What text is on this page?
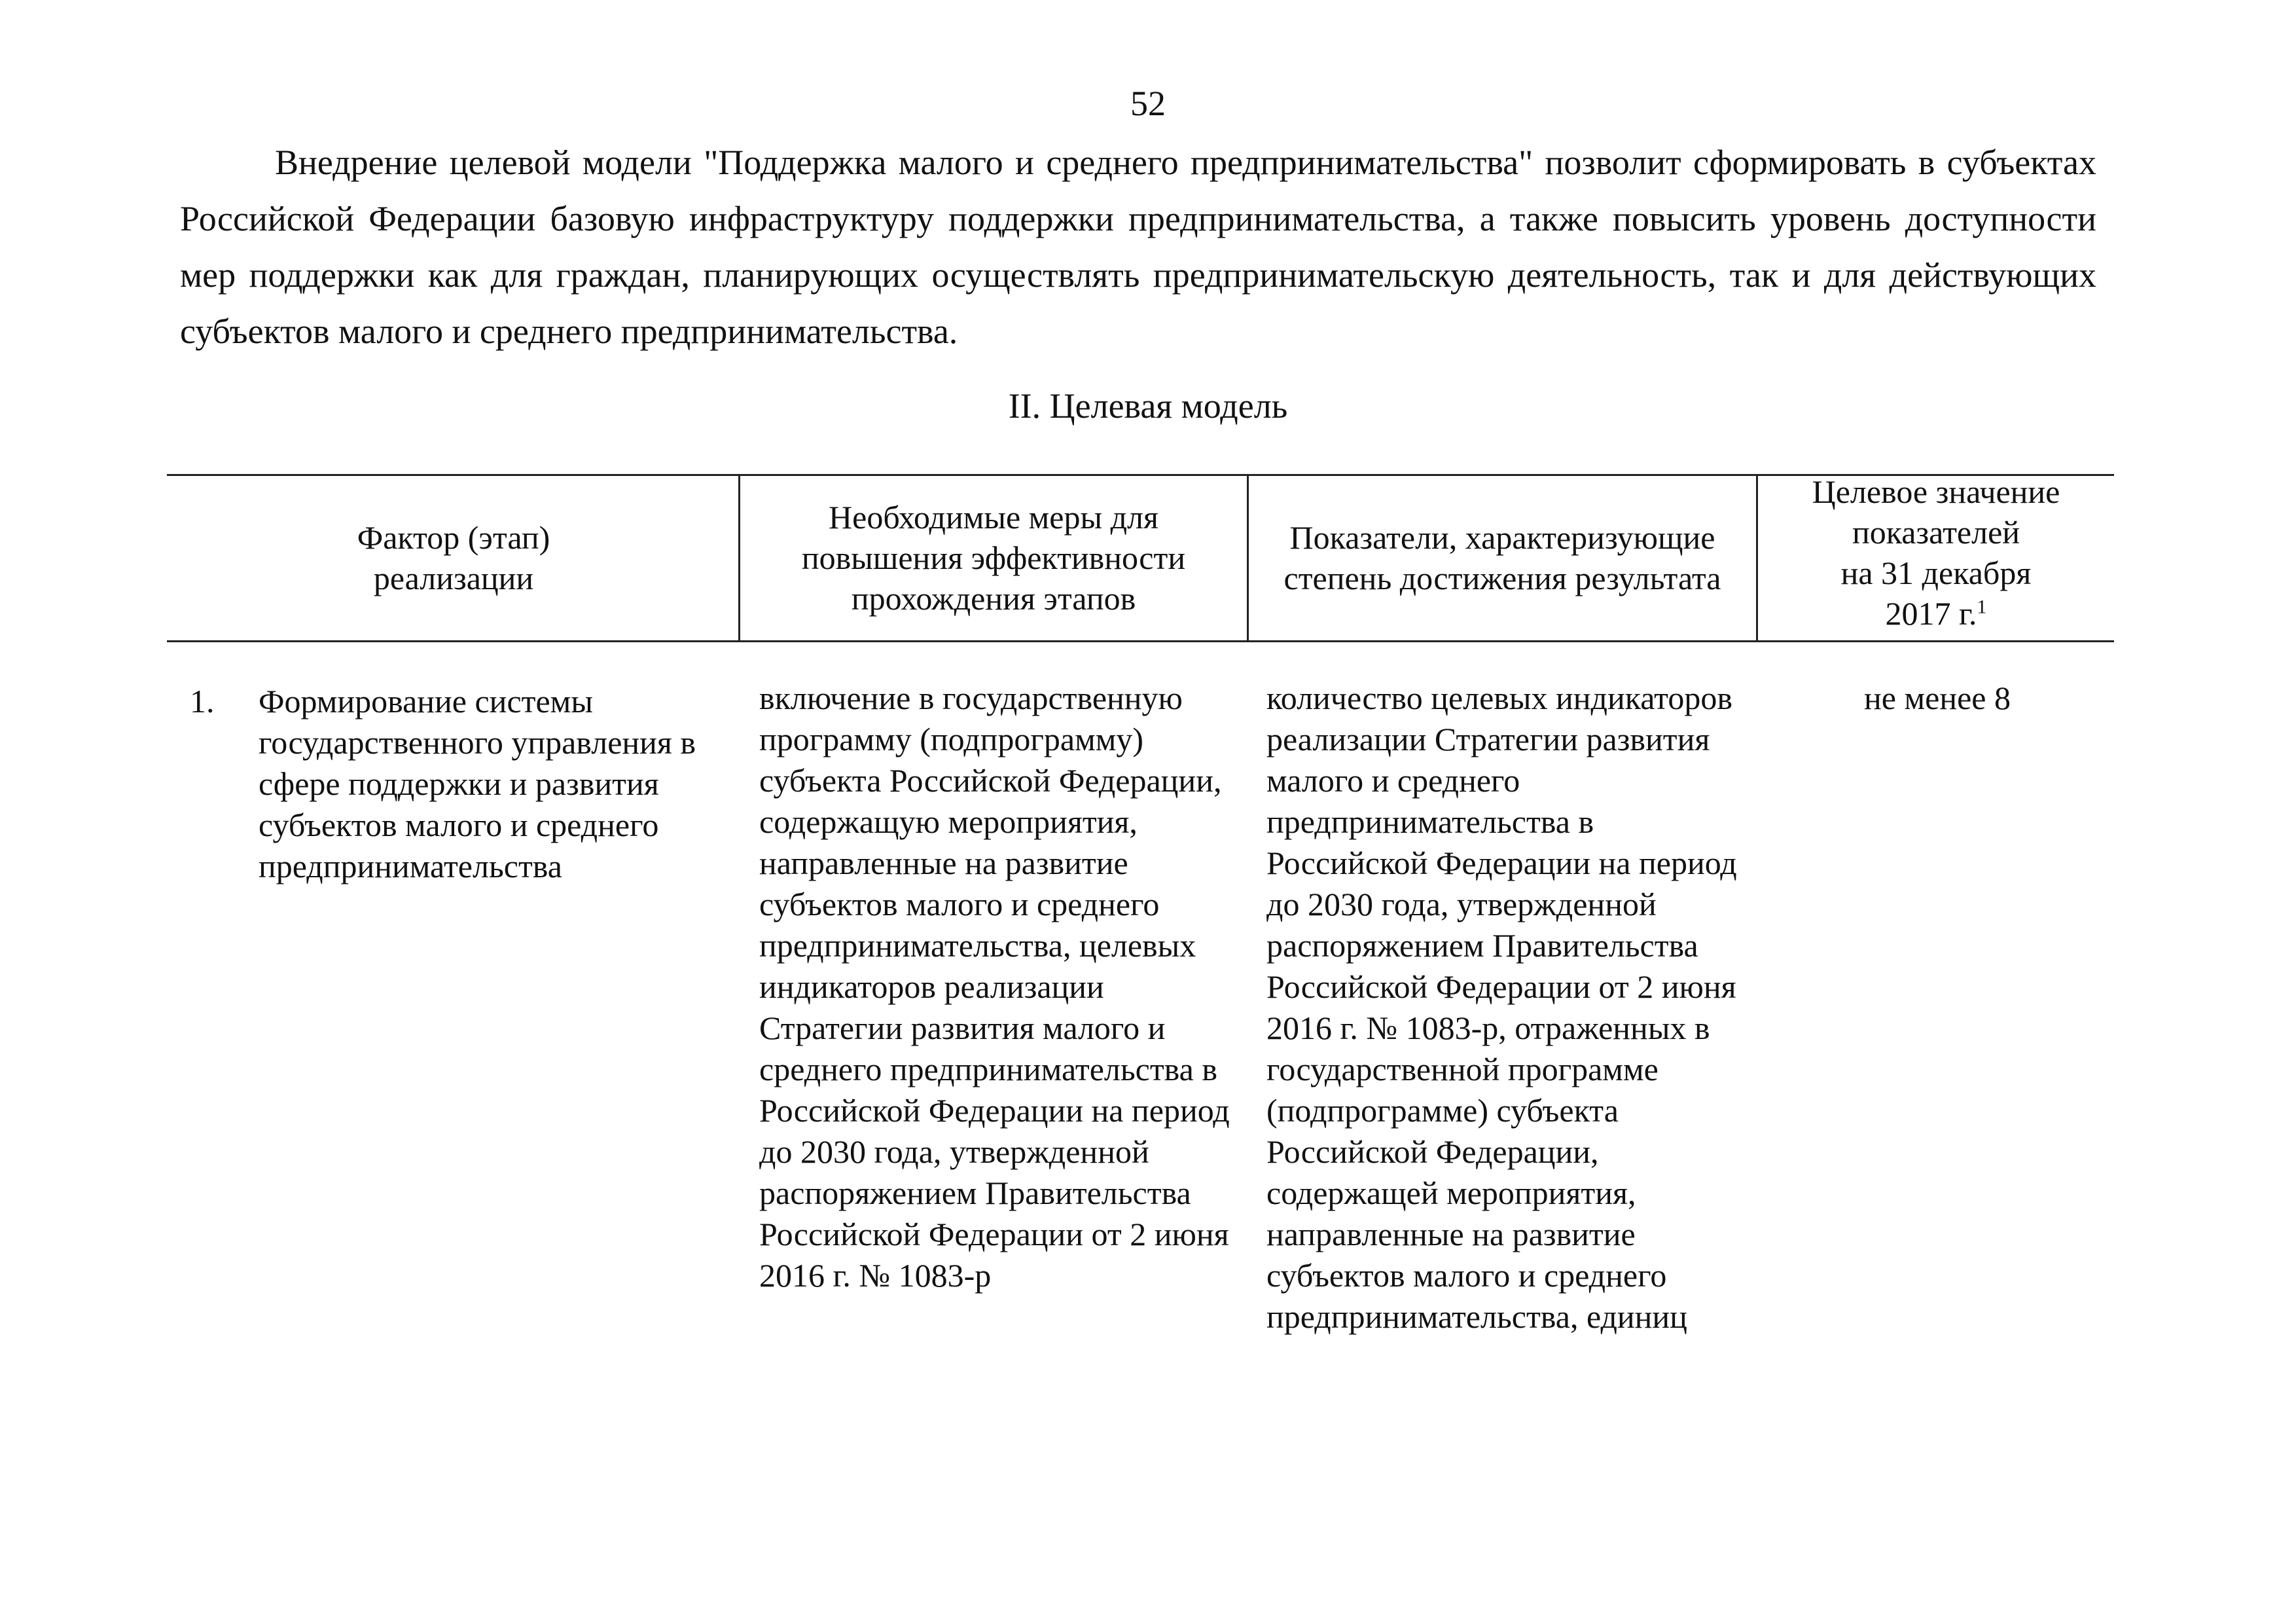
52
Внедрение целевой модели "Поддержка малого и среднего предпринимательства" позволит сформировать в субъектах Российской Федерации базовую инфраструктуру поддержки предпринимательства, а также повысить уровень доступности мер поддержки как для граждан, планирующих осуществлять предпринимательскую деятельность, так и для действующих субъектов малого и среднего предпринимательства.
II. Целевая модель
Фактор (этап)
реализации
Необходимые меры для
повышения эффективности
прохождения этапов
Показатели, характеризующие
степень достижения результата
Целевое значение
показателей
на 31 декабря
2017 г.$^1$
1.	Формирование системы государственного управления в сфере поддержки и развития субъектов малого и среднего предпринимательства
включение в государственную программу (подпрограмму) субъекта Российской Федерации, содержащую мероприятия, направленные на развитие субъектов малого и среднего предпринимательства, целевых индикаторов реализации Стратегии развития малого и среднего предпринимательства в Российской Федерации на период до 2030 года, утвержденной распоряжением Правительства Российской Федерации от 2 июня 2016 г. № 1083-р
количество целевых индикаторов реализации Стратегии развития малого и среднего предпринимательства в Российской Федерации на период до 2030 года, утвержденной распоряжением Правительства Российской Федерации от 2 июня 2016 г. № 1083-р, отраженных в государственной программе (подпрограмме) субъекта Российской Федерации, содержащей мероприятия, направленные на развитие субъектов малого и среднего предпринимательства, единиц
не менее 8
